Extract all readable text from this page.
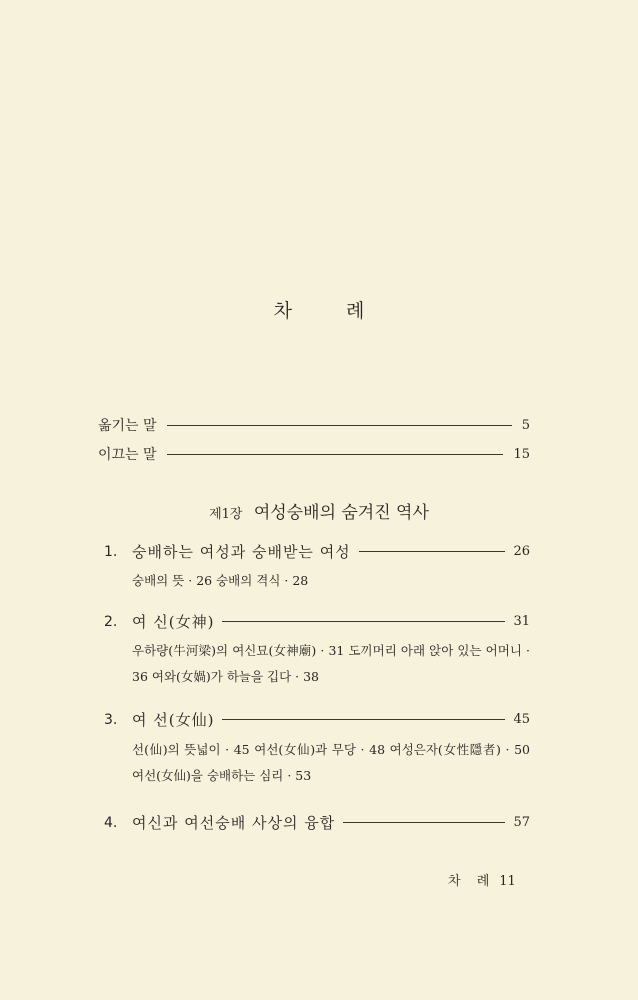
차 례
옮기는 말	5
이끄는 말	15
제1장 여성숭배의 숨겨진 역사
1. 숭배하는 여성과 숭배받는 여성	26
숭배의 뜻 · 26 숭배의 격식 · 28
2. 여 신(女神)	31
우하량(牛河梁)의 여신묘(女神廟) · 31 도끼머리 아래 앉아 있는 어머니 · 36 여와(女媧)가 하늘을 깁다 · 38
3. 여 선(女仙)	45
선(仙)의 뜻넓이 · 45 여선(女仙)과 무당 · 48 여성은자(女性隱者) · 50 여선(女仙)을 숭배하는 심리 · 53
4. 여신과 여선숭배 사상의 융합	57
차 례 11
